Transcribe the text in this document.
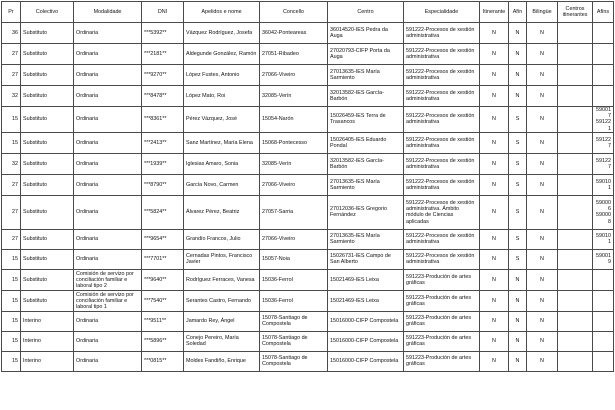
Pr	Colectivo	Modalidade	DNI	Apelidos e nome	Concello	Centro	Especialidade	Itinerante	Afín	Bilingüe	Centros itinerantes	Afíns
36	Substituto	Ordinaria	***5392**	Vázquez Rodríguez, Josefa	36042-Ponteareas	36014520-IES Pedra da Auga	591222-Procesos de xestión administrativa	N	N	N		
27	Substituto	Ordinaria	***2181**	Aldegunde González, Ramón	27051-Ribadeo	27020793-CIFP Porta da Auga	591222-Procesos de xestión administrativa	N	N	N		
27	Substituto	Ordinaria	***9270**	López Fustes, Antonio	27066-Viveiro	27013635-IES María Sarmiento	591222-Procesos de xestión administrativa	N	N	N		
32	Substituto	Ordinaria	***8478**	López Mato, Roi	32085-Verín	32013582-IES García-Barbón	591222-Procesos de xestión administrativa	N	N	N		
15	Substituto	Ordinaria	***8361**	Pérez Vázquez, José	15054-Narón	15026459-IES Terra de Trasancos	591222-Procesos de xestión administrativa	N	S	N		590017 591221
15	Substituto	Ordinaria	***2413**	Sanz Martínez, María Elena	15068-Pontecesso	15026405-IES Eduardo Pondal	591222-Procesos de xestión administrativa	N	S	N		591227
32	Substituto	Ordinaria	***1939**	Iglesias Amaro, Sonia	32085-Verín	32013582-IES García-Barbón	591222-Procesos de xestión administrativa	N	S	N		591227
27	Substituto	Ordinaria	***8790**	García Novo, Carmen	27066-Viveiro	27013635-IES María Sarmiento	591222-Procesos de xestión administrativa	N	S	N		590101
27	Substituto	Ordinaria	***5824**	Álvarez Pérez, Beatriz	27057-Sarria	27012036-IES Gregorio Fernández	591222-Procesos de xestión administrativa. Ámbito módulo de Ciencias aplicadas	N	S	N		590006 590008
27	Substituto	Ordinaria	***9654**	Grandío Francos, Julio	27066-Viveiro	27013635-IES María Sarmiento	591222-Procesos de xestión administrativa	N	S	N		590101
15	Substituto	Ordinaria	***7701**	Cernadas Pintos, Francisco Javier	15057-Noia	15026731-IES Campo de San Alberto	591222-Procesos de xestión administrativa	N	S	N		590019
15	Substituto	Comisión de servizo por conciliación familiar e laboral tipo 2	***9640**	Rodríguez Ferraces, Vanesa	15036-Ferrol	15021469-IES Leixa	591223-Produción de artes gráficas	N	N	N		
15	Substituto	Comisión de servizo por conciliación familiar e laboral tipo 1	***7540**	Serantes Castro, Fernando	15036-Ferrol	15021469-IES Leixa	591223-Produción de artes gráficas	N	N	N		
15	Interino	Ordinaria	***9511**	Jamardo Rey, Ángel	15078-Santiago de Compostela	15016000-CIFP Compostela	591223-Produción de artes gráficas	N	N	N		
15	Interino	Ordinaria	***5896**	Conejo Pereiro, María Soledad	15078-Santiago de Compostela	15016000-CIFP Compostela	591223-Produción de artes gráficas	N	N	N		
15	Interino	Ordinaria	***0815**	Moldes Fandiño, Enrique	15078-Santiago de Compostela	15016000-CIFP Compostela	591223-Produción de artes gráficas	N	N	N		
